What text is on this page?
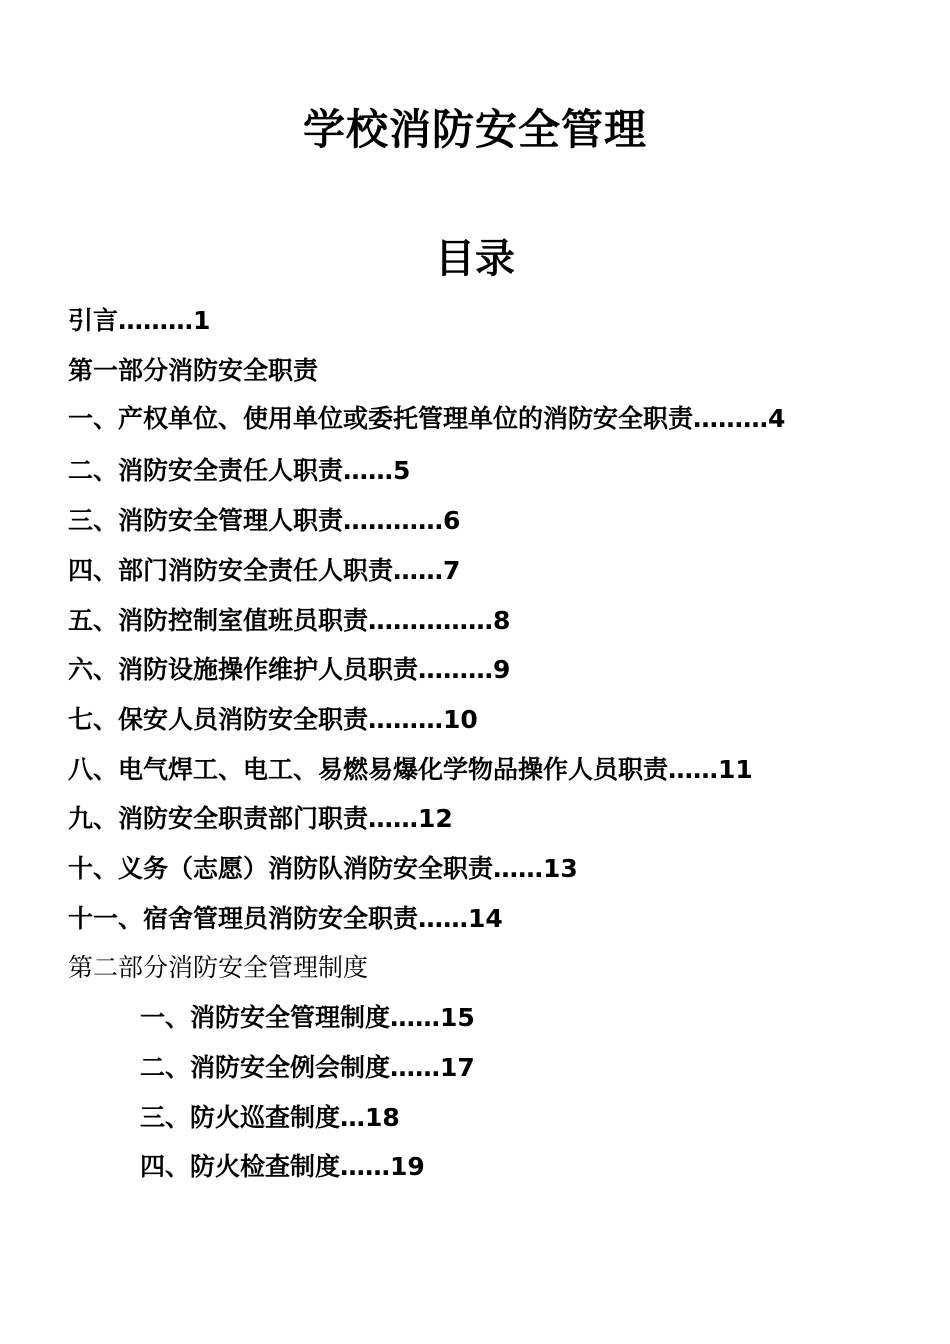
学校消防安全管理
目录
引言………1
第一部分消防安全职责
一、产权单位、使用单位或委托管理单位的消防安全职责………4
二、消防安全责任人职责……5
三、消防安全管理人职责…………6
四、部门消防安全责任人职责……7
五、消防控制室值班员职责……………8
六、消防设施操作维护人员职责………9
七、保安人员消防安全职责………10
八、电气焊工、电工、易燃易爆化学物品操作人员职责……11
九、消防安全职责部门职责……12
十、义务（志愿）消防队消防安全职责……13
十一、宿舍管理员消防安全职责……14
第二部分消防安全管理制度
一、消防安全管理制度……15
二、消防安全例会制度……17
三、防火巡查制度…18
四、防火检查制度……19
